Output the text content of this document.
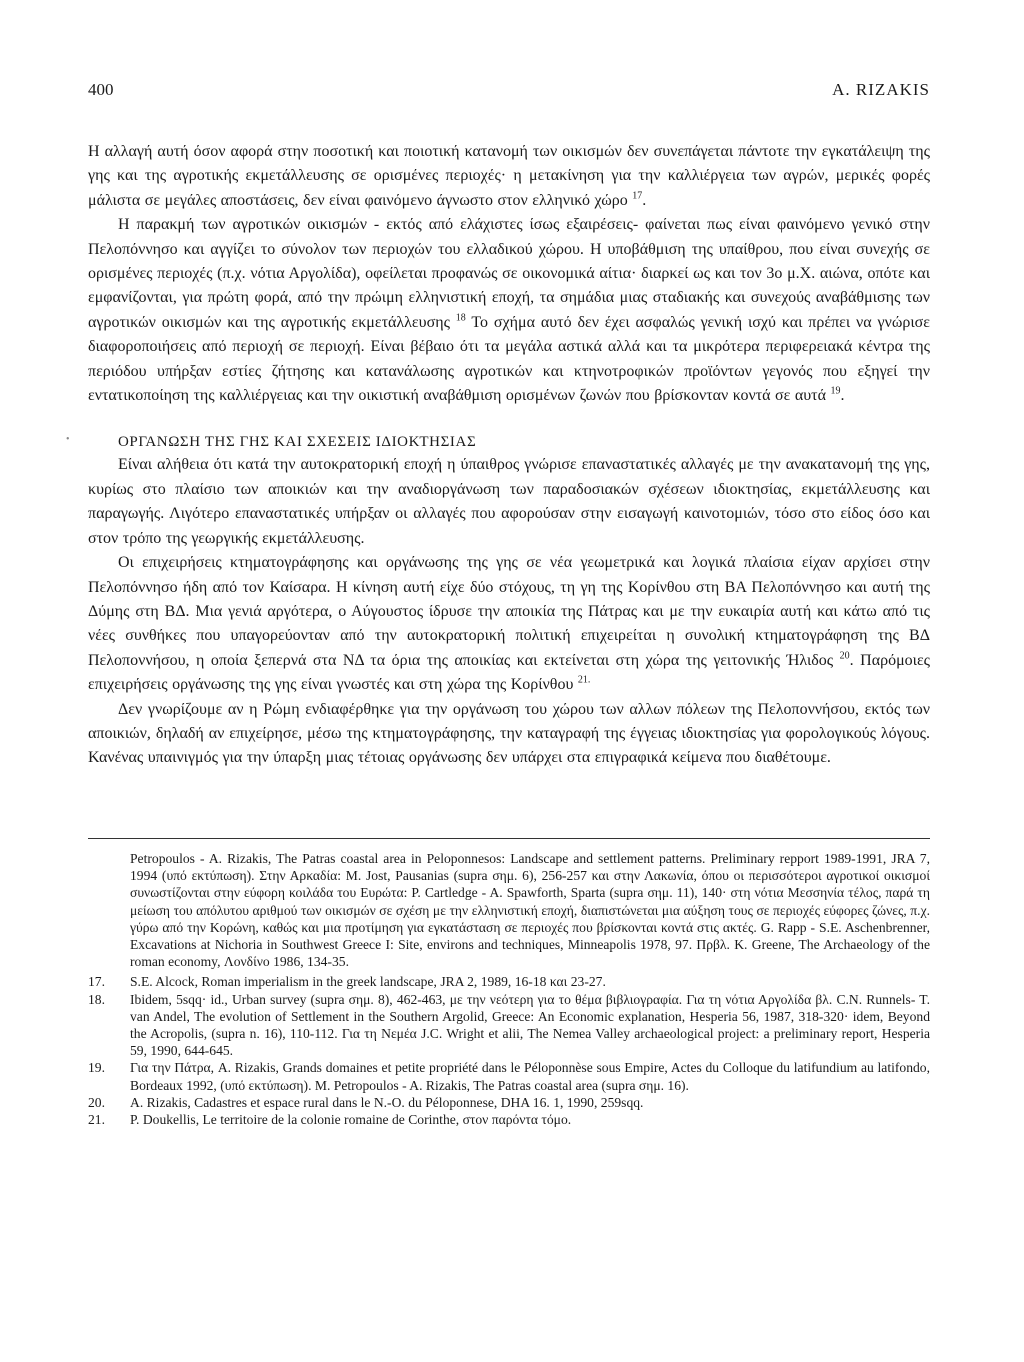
400	A. RIZAKIS
•

Η αλλαγή αυτή όσον αφορά στην ποσοτική και ποιοτική κατανομή των οικισμών δεν συνεπάγεται πάντοτε την εγκατάλειψη της γης και της αγροτικής εκμετάλλευσης σε ορισμένες περιοχές· η μετακίνηση για την καλλιέργεια των αγρών, μερικές φορές μάλιστα σε μεγάλες αποστάσεις, δεν είναι φαινόμενο άγνωστο στον ελληνικό χώρο $^{17}$.

Η παρακμή των αγροτικών οικισμών - εκτός από ελάχιστες ίσως εξαιρέσεις- φαίνεται πως είναι φαινόμενο γενικό στην Πελοπόννησο και αγγίζει το σύνολον των περιοχών του ελλαδικού χώρου. Η υποβάθμιση της υπαίθρου, που είναι συνεχής σε ορισμένες περιοχές (π.χ. νότια Αργολίδα), οφείλεται προφανώς σε οικονομικά αίτια· διαρκεί ως και τον 3ο μ.Χ. αιώνα, οπότε και εμφανίζονται, για πρώτη φορά, από την πρώιμη ελληνιστική εποχή, τα σημάδια μιας σταδιακής και συνεχούς αναβάθμισης των αγροτικών οικισμών και της αγροτικής εκμετάλλευσης $^{18}$ Το σχήμα αυτό δεν έχει ασφαλώς γενική ισχύ και πρέπει να γνώρισε διαφοροποιήσεις από περιοχή σε περιοχή. Είναι βέβαιο ότι τα μεγάλα αστικά αλλά και τα μικρότερα περιφερειακά κέντρα της περιόδου υπήρξαν εστίες ζήτησης και κατανάλωσης αγροτικών και κτηνοτροφικών προϊόντων γεγονός που εξηγεί την εντατικοποίηση της καλλιέργειας και την οικιστική αναβάθμιση ορισμένων ζωνών που βρίσκονταν κοντά σε αυτά $^{19}$.

ΟΡΓΑΝΩΣΗ ΤΗΣ ΓΗΣ ΚΑΙ ΣΧΕΣΕΙΣ ΙΔΙΟΚΤΗΣΙΑΣ

Είναι αλήθεια ότι κατά την αυτοκρατορική εποχή η ύπαιθρος γνώρισε επαναστατικές αλλαγές με την ανακατανομή της γης, κυρίως στο πλαίσιο των αποικιών και την αναδιοργάνωση των παραδοσιακών σχέσεων ιδιοκτησίας, εκμετάλλευσης και παραγωγής. Λιγότερο επαναστατικές υπήρξαν οι αλλαγές που αφορούσαν στην εισαγωγή καινοτομιών, τόσο στο είδος όσο και στον τρόπο της γεωργικής εκμετάλλευσης.

Οι επιχειρήσεις κτηματογράφησης και οργάνωσης της γης σε νέα γεωμετρικά και λογικά πλαίσια είχαν αρχίσει στην Πελοπόννησο ήδη από τον Καίσαρα. Η κίνηση αυτή είχε δύο στόχους, τη γη της Κορίνθου στη ΒΑ Πελοπόννησο και αυτή της Δύμης στη ΒΔ. Μια γενιά αργότερα, ο Αύγουστος ίδρυσε την αποικία της Πάτρας και με την ευκαιρία αυτή και κάτω από τις νέες συνθήκες που υπαγορεύονταν από την αυτοκρατορική πολιτική επιχειρείται η συνολική κτηματογράφηση της ΒΔ Πελοποννήσου, η οποία ξεπερνά στα ΝΔ τα όρια της αποικίας και εκτείνεται στη χώρα της γειτονικής Ήλιδος $^{20}$. Παρόμοιες επιχειρήσεις οργάνωσης της γης είναι γνωστές και στη χώρα της Κορίνθου $^{21.}$

Δεν γνωρίζουμε αν η Ρώμη ενδιαφέρθηκε για την οργάνωση του χώρου των αλλων πόλεων της Πελοποννήσου, εκτός των αποικιών, δηλαδή αν επιχείρησε, μέσω της κτηματογράφησης, την καταγραφή της έγγειας ιδιοκτησίας για φορολογικούς λόγους. Κανένας υπαινιγμός για την ύπαρξη μιας τέτοιας οργάνωσης δεν υπάρχει στα επιγραφικά κείμενα που διαθέτουμε.

Petropoulos - A. Rizakis, The Patras coastal area in Peloponnesos: Landscape and settlement patterns. Preliminary repport 1989-1991, JRA 7, 1994 (υπό εκτύπωση). Στην Αρκαδία: M. Jost, Pausanias (supra σημ. 6), 256-257 και στην Λακωνία, όπου οι περισσότεροι αγροτικοί οικισμοί συνωστίζονται στην εύφορη κοιλάδα του Ευρώτα: P. Cartledge - A. Spawforth, Sparta (supra σημ. 11), 140· στη νότια Μεσσηνία τέλος, παρά τη μείωση του απόλυτου αριθμού των οικισμών σε σχέση με την ελληνιστική εποχή, διαπιστώνεται μια αύξηση τους σε περιοχές εύφορες ζώνες, π.χ. γύρω από την Κορώνη, καθώς και μια προτίμηση για εγκατάσταση σε περιοχές που βρίσκονται κοντά στις ακτές. G. Rapp - S.E. Aschenbrenner, Excavations at Nichoria in Southwest Greece I: Site, environs and techniques, Minneapolis 1978, 97. Πρβλ. K. Greene, The Archaeology of the roman economy, Λονδίνο 1986, 134-35.
17.	S.E. Alcock, Roman imperialism in the greek landscape, JRA 2, 1989, 16-18 και 23-27.
18.	Ibidem, 5sqq· id., Urban survey (supra σημ. 8), 462-463, με την νεότερη για το θέμα βιβλιογραφία. Για τη νότια Αργολίδα βλ. C.N. Runnels- T. van Andel, The evolution of Settlement in the Southern Argolid, Greece: An Economic explanation, Hesperia 56, 1987, 318-320· idem, Beyond the Acropolis, (supra n. 16), 110-112. Για τη Νεμέα J.C. Wright et alii, The Nemea Valley archaeological project: a preliminary report, Hesperia 59, 1990, 644-645.
19.	Για την Πάτρα, A. Rizakis, Grands domaines et petite propriété dans le Péloponnèse sous Empire, Actes du Colloque du latifundium au latifondo, Bordeaux 1992, (υπό εκτύπωση). M. Petropoulos - A. Rizakis, The Patras coastal area (supra σημ. 16).
20.	A. Rizakis, Cadastres et espace rural dans le N.-O. du Péloponnese, DHA 16. 1, 1990, 259sqq.
21.	P. Doukellis, Le territoire de la colonie romaine de Corinthe, στον παρόντα τόμο.
